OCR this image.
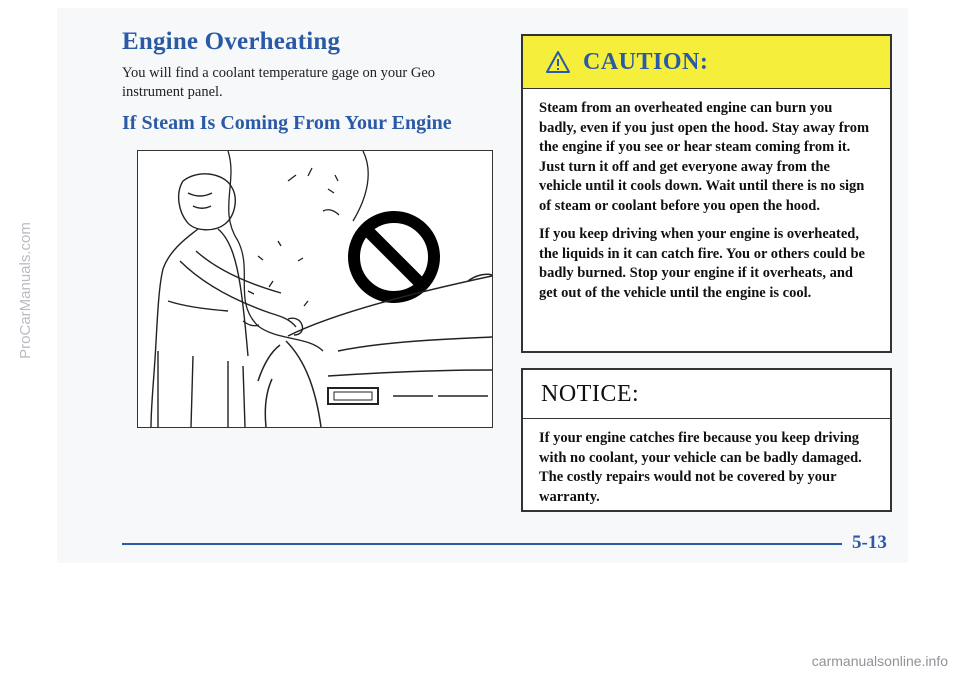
ProCarManuals.com
Engine Overheating

You will find a coolant temperature gage on your Geo instrument panel.

If Steam Is Coming From Your Engine
CAUTION:

Steam from an overheated engine can burn you badly, even if you just open the hood. Stay away from the engine if you see or hear steam coming from it. Just turn it off and get everyone away from the vehicle until it cools down. Wait until there is no sign of steam or coolant before you open the hood.

If you keep driving when your engine is overheated, the liquids in it can catch fire. You or others could be badly burned. Stop your engine if it overheats, and get out of the vehicle until the engine is cool.

NOTICE:

If your engine catches fire because you keep driving with no coolant, your vehicle can be badly damaged. The costly repairs would not be covered by your warranty.

5-13
carmanualsonline.info
